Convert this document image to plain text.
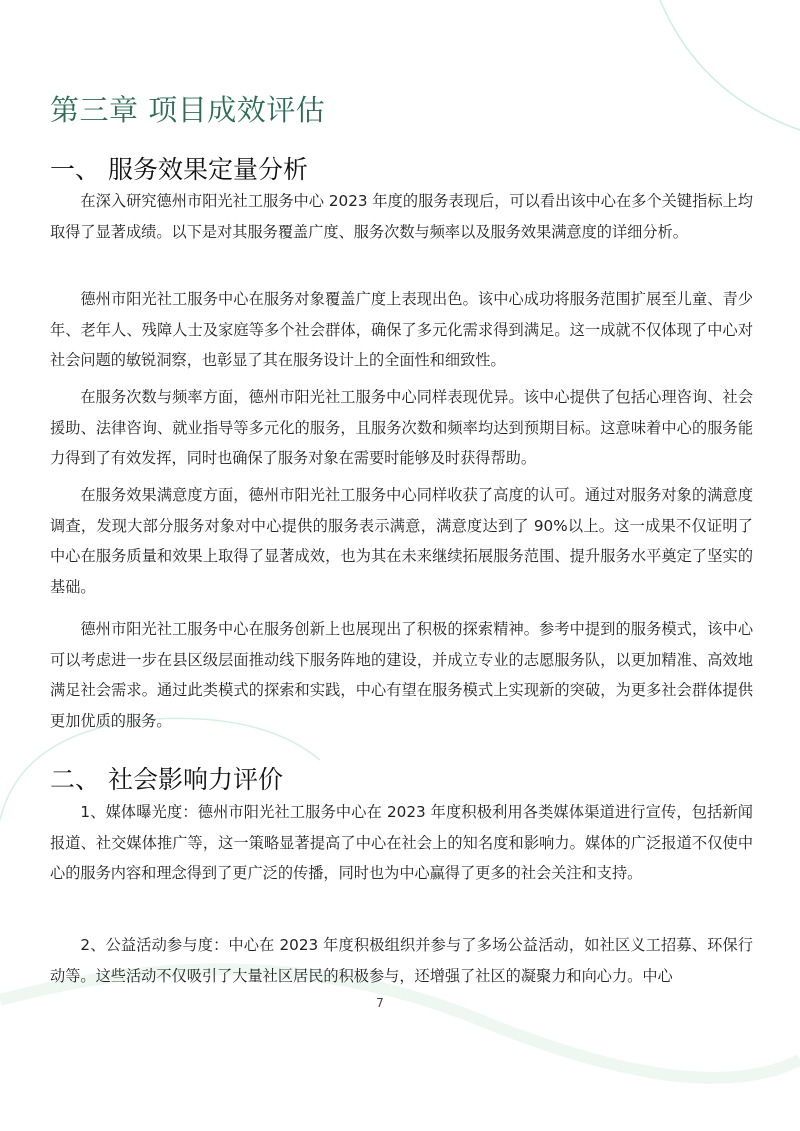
第三章 项目成效评估
一、 服务效果定量分析

在深入研究德州市阳光社工服务中心 2023 年度的服务表现后，可以看出该中心在多个关键指标上均取得了显著成绩。以下是对其服务覆盖广度、服务次数与频率以及服务效果满意度的详细分析。

德州市阳光社工服务中心在服务对象覆盖广度上表现出色。该中心成功将服务范围扩展至儿童、青少年、老年人、残障人士及家庭等多个社会群体，确保了多元化需求得到满足。这一成就不仅体现了中心对社会问题的敏锐洞察，也彰显了其在服务设计上的全面性和细致性。

在服务次数与频率方面，德州市阳光社工服务中心同样表现优异。该中心提供了包括心理咨询、社会援助、法律咨询、就业指导等多元化的服务，且服务次数和频率均达到预期目标。这意味着中心的服务能力得到了有效发挥，同时也确保了服务对象在需要时能够及时获得帮助。

在服务效果满意度方面，德州市阳光社工服务中心同样收获了高度的认可。通过对服务对象的满意度调查，发现大部分服务对象对中心提供的服务表示满意，满意度达到了 90%以上。这一成果不仅证明了中心在服务质量和效果上取得了显著成效，也为其在未来继续拓展服务范围、提升服务水平奠定了坚实的基础。

德州市阳光社工服务中心在服务创新上也展现出了积极的探索精神。参考中提到的服务模式，该中心可以考虑进一步在县区级层面推动线下服务阵地的建设，并成立专业的志愿服务队，以更加精准、高效地满足社会需求。通过此类模式的探索和实践，中心有望在服务模式上实现新的突破，为更多社会群体提供更加优质的服务。

二、 社会影响力评价

1、媒体曝光度：德州市阳光社工服务中心在 2023 年度积极利用各类媒体渠道进行宣传，包括新闻报道、社交媒体推广等，这一策略显著提高了中心在社会上的知名度和影响力。媒体的广泛报道不仅使中心的服务内容和理念得到了更广泛的传播，同时也为中心赢得了更多的社会关注和支持。

2、公益活动参与度：中心在 2023 年度积极组织并参与了多场公益活动，如社区义工招募、环保行动等。这些活动不仅吸引了大量社区居民的积极参与，还增强了社区的凝聚力和向心力。中心

7
